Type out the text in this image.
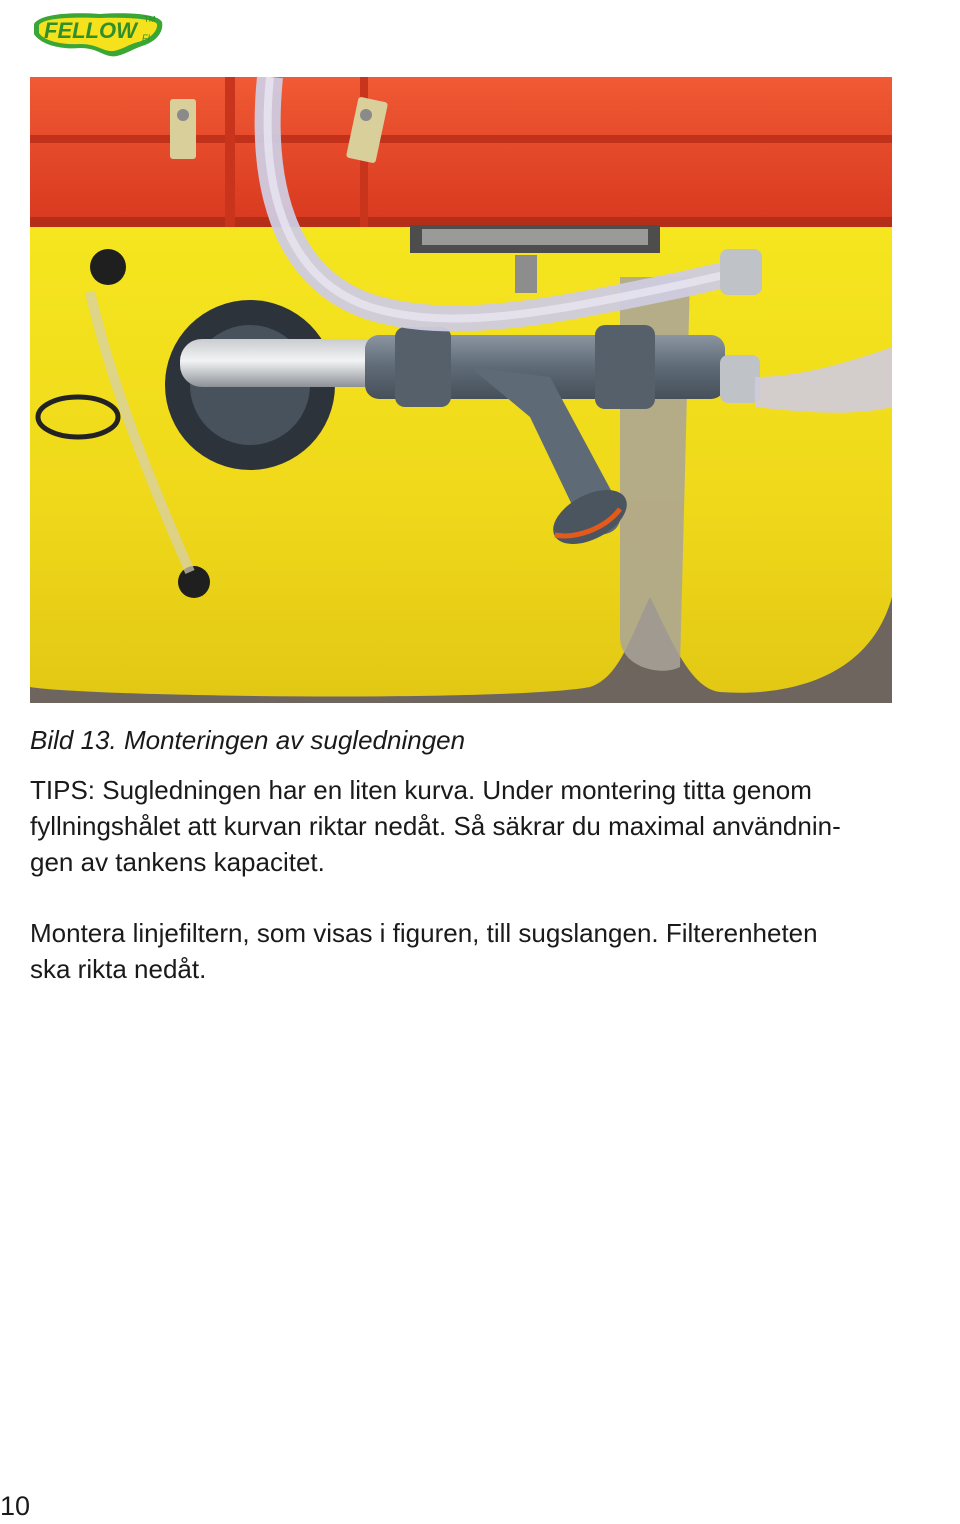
FELLOW TM
FI

Bild 13. Monteringen av sugledningen

TIPS: Sugledningen har en liten kurva. Under montering titta genom
fyllningshålet att kurvan riktar nedåt. Så säkrar du maximal användnin-
gen av tankens kapacitet.
Montera linjefiltern, som visas i figuren, till sugslangen. Filterenheten
ska rikta nedåt.
10
